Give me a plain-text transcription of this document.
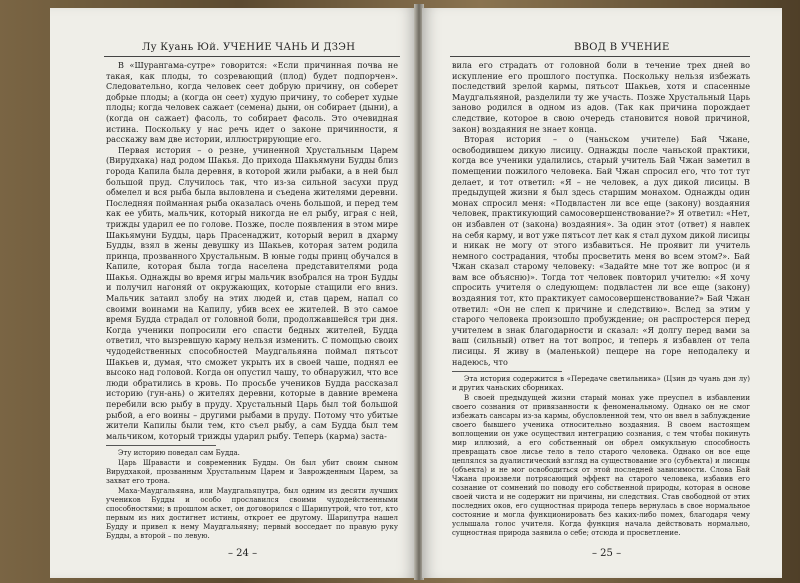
Лу Куань Юй. УЧЕНИЕ ЧАНЬ И ДЗЭН

В «Шурангама-сутре» говорится: «Если причинная почва не такая, как плоды, то созревающий (плод) будет подпорчен». Следовательно, когда человек сеет добрую причину, он соберет добрые плоды; а (когда он сеет) худую причину, то соберет худые плоды; когда человек сажает (семена) дыни, он собирает (дыни), а (когда он сажает) фасоль, то собирает фасоль. Это очевидная истина. Поскольку у нас речь идет о законе причинности, я расскажу вам две истории, иллюстрирующие его.

Первая история – о резне, учиненной Хрустальным Царем (Вирудхака) над родом Шакья. До прихода Шакьямуни Будды близ города Капила была деревня, в которой жили рыбаки, а в ней был большой пруд. Случилось так, что из-за сильной засухи пруд обмелел и вся рыба была выловлена и съедена жителями деревни. Последняя пойманная рыба оказалась очень большой, и перед тем как ее убить, мальчик, который никогда не ел рыбу, играя с ней, трижды ударил ее по голове. Позже, после появления в этом мире Шакьямуни Будды, царь Прасенаджит, который верил в дхарму Будды, взял в жены девушку из Шакьев, которая затем родила принца, прозванного Хрустальным. В юные годы принц обучался в Капиле, которая была тогда населена представителями рода Шакья. Однажды во время игры мальчик взобрался на трон Будды и получил нагоняй от окружающих, которые стащили его вниз. Мальчик затаил злобу на этих людей и, став царем, напал со своими воинами на Капилу, убив всех ее жителей. В это самое время Будда страдал от головной боли, продолжавшейся три дня. Когда ученики попросили его спасти бедных жителей, Будда ответил, что вызревшую карму нельзя изменить. С помощью своих чудодейственных способностей Маудгальяяна поймал пятьсот Шакьев и, думая, что сможет укрыть их в своей чаше, поднял ее высоко над головой. Когда он опустил чашу, то обнаружил, что все люди обратились в кровь. По просьбе учеников Будда рассказал историю (гун-ань) о жителях деревни, которые в давние времена перебили всю рыбу в пруду. Хрустальный Царь был той большой рыбой, а его воины – другими рыбами в пруду. Потому что убитые жители Капилы были тем, кто съел рыбу, а сам Будда был тем мальчиком, который трижды ударил рыбу. Теперь (карма) заста-

Эту историю поведал сам Будда.

Царь Шравасти и современник Будды. Он был убит своим сыном Вирудхакой, прозванным Хрустальным Царем и Заврожденным Царем, за захват его трона.

Маха-Маудгальяяна, или Маудгальяпутра, был одним из десяти лучших учеников Будды и особо прославился своими чудодейственными способностями; в прошлом аскет, он договорился с Шарипутрой, что тот, кто первым из них достигнет истины, откроет ее другому. Шарипутра нашел Будду и привел к нему Маудгальяяну; первый восседает по правую руку Будды, а второй – по левую.

– 24 –
ВВОД В УЧЕНИЕ

вила его страдать от головной боли в течение трех дней во искупление его прошлого поступка. Поскольку нельзя избежать последствий зрелой кармы, пятьсот Шакьев, хотя и спасенные Маудгальяяной, разделили ту же участь. Позже Хрустальный Царь заново родился в одном из адов. (Так как причина порождает следствие, которое в свою очередь становится новой причиной, закон) воздаяния не знает конца.

Вторая история – о (чаньском учителе) Бай Чжане, освободившем дикую лисицу. Однажды после чаньской практики, когда все ученики удалились, старый учитель Бай Чжан заметил в помещении пожилого человека. Бай Чжан спросил его, что тот тут делает, и тот ответил: «Я – не человек, а дух дикой лисицы. В предыдущей жизни я был здесь старшим монахом. Однажды один монах спросил меня: «Подвластен ли все еще (закону) воздаяния человек, практикующий самосовершенствование?» Я ответил: «Нет, он избавлен от (закона) воздаяния». За один этот (ответ) я навлек на себя карму, и вот уже пятьсот лет как я стал духом дикой лисицы и никак не могу от этого избавиться. Не проявит ли учитель немного сострадания, чтобы просветить меня во всем этом?». Бай Чжан сказал старому человеку: «Задайте мне тот же вопрос (и я вам все объясню)». Тогда тот человек повторил учителю: «Я хочу спросить учителя о следующем: подвластен ли все еще (закону) воздаяния тот, кто практикует самосовершенствование?» Бай Чжан ответил: «Он не слеп к причине и следствию». Вслед за этим у старого человека произошло пробуждение; он распростерся перед учителем в знак благодарности и сказал: «Я долгу перед вами за ваш (сильный) ответ на тот вопрос, и теперь я избавлен от тела лисицы. Я живу в (маленькой) пещере на горе неподалеку и надеюсь, что

Эта история содержится в «Передаче светильника» (Цзин дэ чуань дэн лу) и других чаньских сборниках.

В своей предыдущей жизни старый монах уже преуспел в избавлении своего сознания от привязанности к феноменальному. Однако он не смог избежать сансары из-за кармы, обусловленной тем, что он ввел в заблуждение своего бывшего ученика относительно воздаяния. В своем настоящем воплощении он уже осуществил интеграцию сознания, с тем чтобы покинуть мир иллюзий, а его собственный он обрел омкукльную способность превращать свое лисье тело в тело старого человека. Однако он все еще цеплялся за дуалистический взгляд на существование эго (субъекта) и лисицы (объекта) и не мог освободиться от этой последней зависимости. Слова Бай Чжана произвели потрясающий эффект на старого человека, избавив его сознание от сомнений по поводу его собственной природы, которая в основе своей чиста и не содержит ни причины, ни следствия. Став свободной от этих последних оков, его сущностная природа теперь вернулась в свое нормальное состояние и могла функционировать без каких-либо помех, благодаря чему услышала голос учителя. Когда функция начала действовать нормально, сущностная природа заявила о себе; отсюда и просветление.

– 25 –
